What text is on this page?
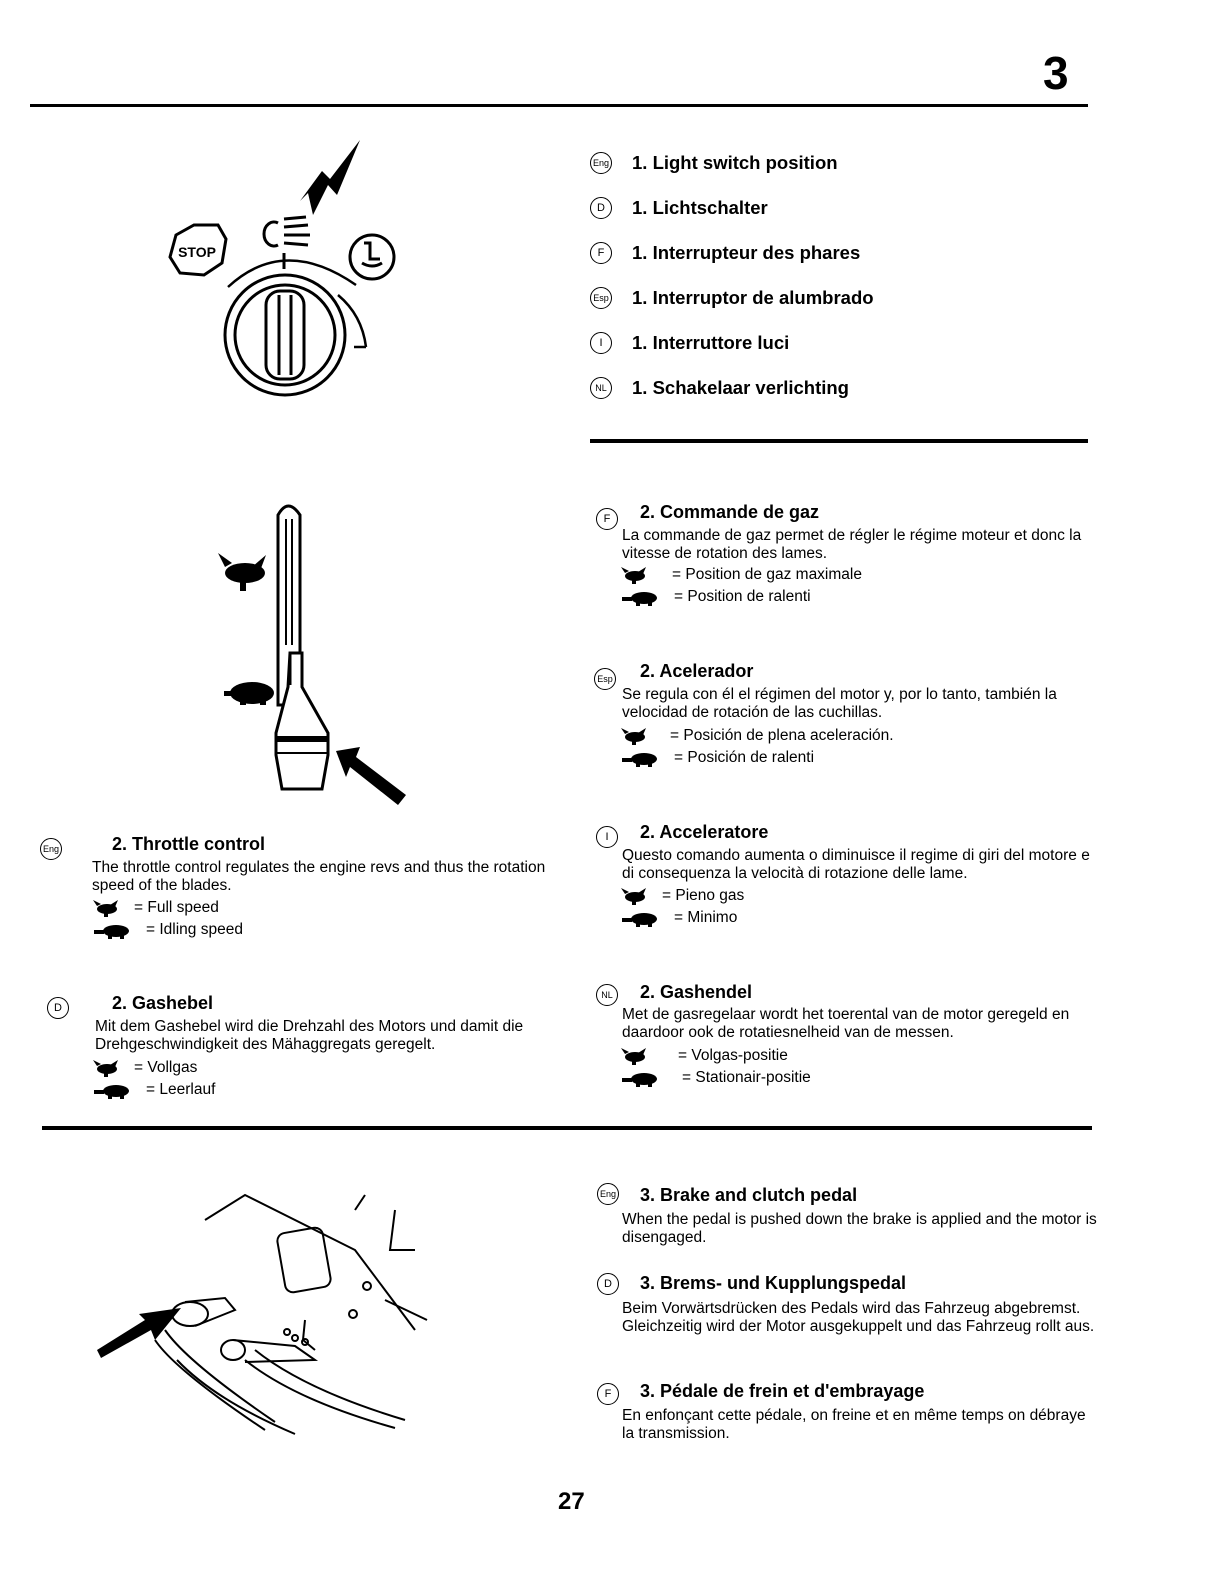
3
STOP
Eng 1. Light switch position
D	1. Lichtschalter
F	1. Interrupteur des phares
Esp 1. Interruptor de alumbrado
I	1. Interruttore luci
NL 1. Schakelaar verlichting
Eng	2. Throttle control
The throttle control regulates the engine revs and thus the rotation speed of the blades.
= Full speed
= Idling speed
D	2. Gashebel
Mit dem Gashebel wird die Drehzahl des Motors und damit die Drehgeschwindigkeit des Mähaggregats geregelt.
= Vollgas
= Leerlauf
F	2. Commande de gaz
La commande de gaz permet de régler le régime moteur et donc la vitesse de rotation des lames.
= Position de gaz maximale
= Position de ralenti
Esp 2. Acelerador
Se regula con él el régimen del motor y, por lo tanto, también la velocidad de rotación de las cuchillas.
= Posición de plena aceleración.
= Posición de ralenti
I	2. Acceleratore
Questo comando aumenta o diminuisce il regime di giri del motore e di consequenza la velocità di rotazione delle lame.
= Pieno gas
= Minimo
NL 2. Gashendel
Met de gasregelaar wordt het toerental van de motor geregeld en daardoor ook de rotatiesnelheid van de messen.
= Volgas-positie
= Stationair-positie
Eng 3. Brake and clutch pedal
When the pedal is pushed down the brake is applied and the motor is disengaged.
D	3. Brems- und Kupplungspedal
Beim Vorwärtsdrücken des Pedals wird das Fahrzeug abgebremst. Gleichzeitig wird der Motor ausgekuppelt und das Fahrzeug rollt aus.
F	3. Pédale de frein et d'embrayage
En enfonçant cette pédale, on freine et en même temps on débraye la transmission.
27
